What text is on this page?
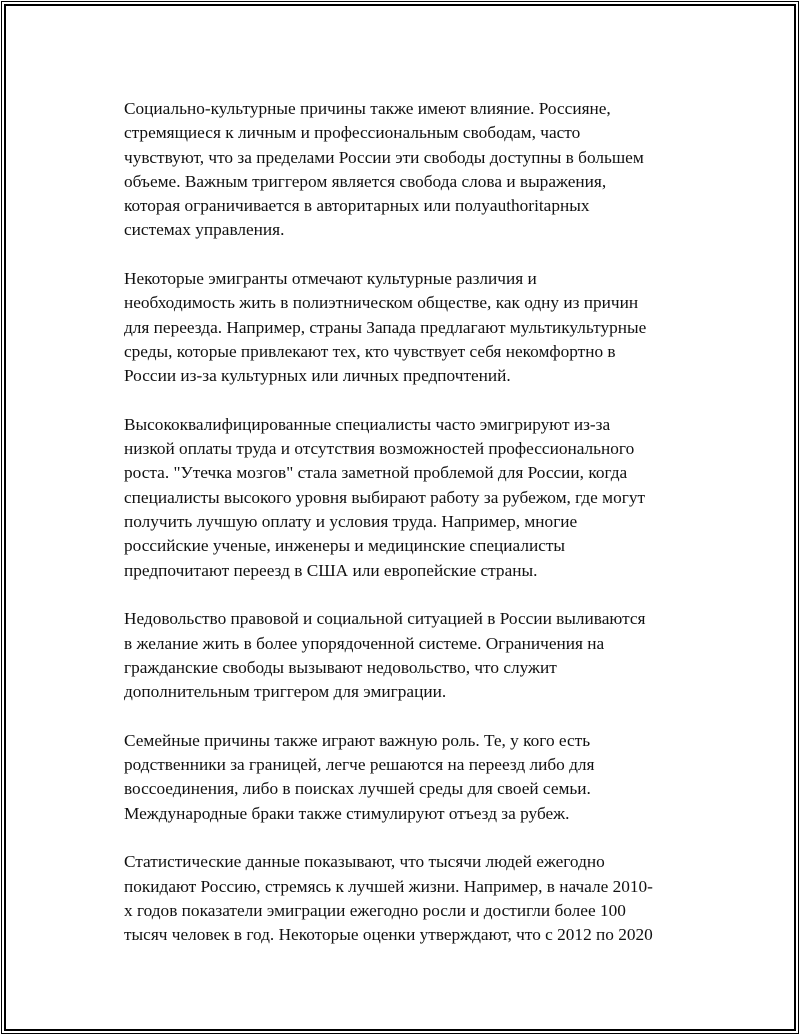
Социально-культурные причины также имеют влияние. Россияне,
стремящиеся к личным и профессиональным свободам, часто
чувствуют, что за пределами России эти свободы доступны в большем
объеме. Важным триггером является свобода слова и выражения,
которая ограничивается в авторитарных или полуauthoritарных
системах управления.

Некоторые эмигранты отмечают культурные различия и
необходимость жить в полиэтническом обществе, как одну из причин
для переезда. Например, страны Запада предлагают мультикультурные
среды, которые привлекают тех, кто чувствует себя некомфортно в
России из-за культурных или личных предпочтений.

Высококвалифицированные специалисты часто эмигрируют из-за
низкой оплаты труда и отсутствия возможностей профессионального
роста. "Утечка мозгов" стала заметной проблемой для России, когда
специалисты высокого уровня выбирают работу за рубежом, где могут
получить лучшую оплату и условия труда. Например, многие
российские ученые, инженеры и медицинские специалисты
предпочитают переезд в США или европейские страны.

Недовольство правовой и социальной ситуацией в России выливаются
в желание жить в более упорядоченной системе. Ограничения на
гражданские свободы вызывают недовольство, что служит
дополнительным триггером для эмиграции.

Семейные причины также играют важную роль. Те, у кого есть
родственники за границей, легче решаются на переезд либо для
воссоединения, либо в поисках лучшей среды для своей семьи.
Международные браки также стимулируют отъезд за рубеж.

Статистические данные показывают, что тысячи людей ежегодно
покидают Россию, стремясь к лучшей жизни. Например, в начале 2010-
х годов показатели эмиграции ежегодно росли и достигли более 100
тысяч человек в год. Некоторые оценки утверждают, что с 2012 по 2020
